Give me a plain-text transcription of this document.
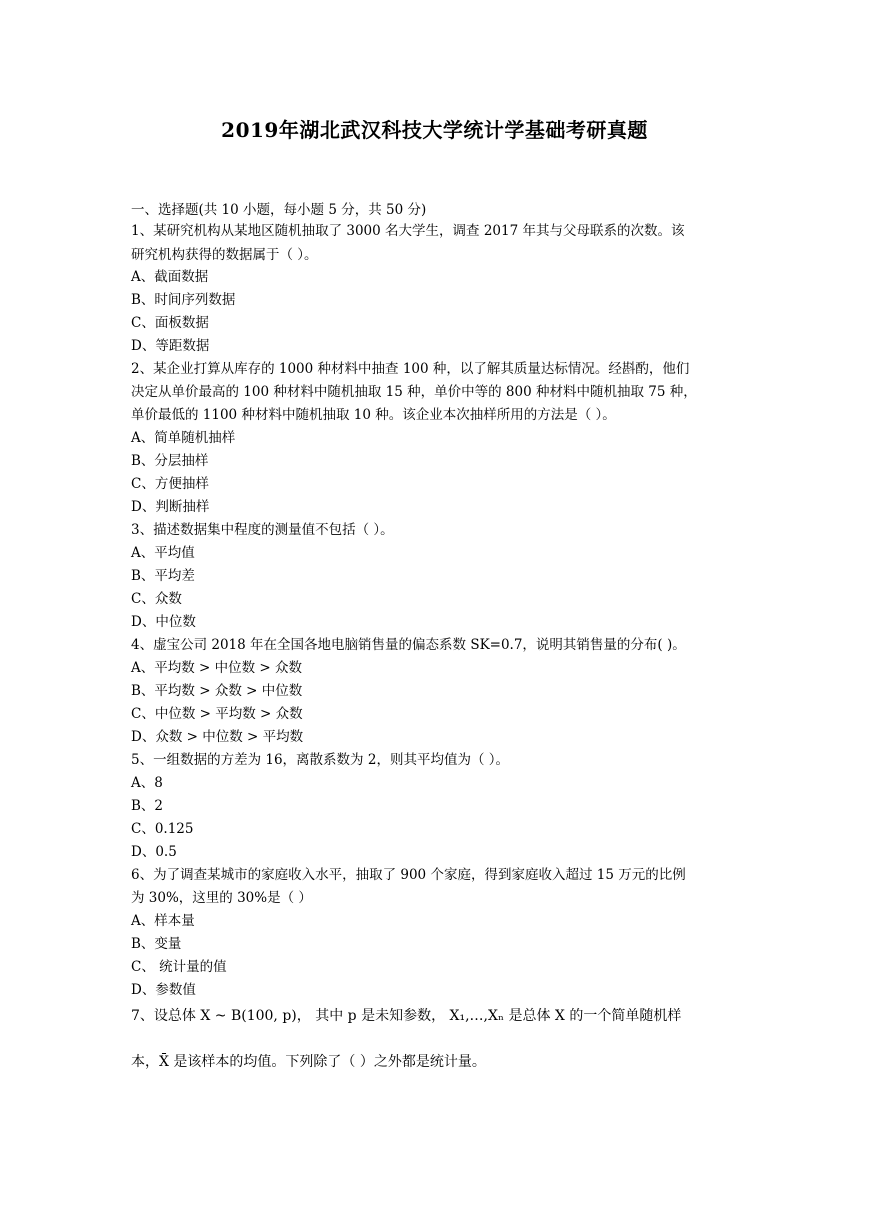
2019年湖北武汉科技大学统计学基础考研真题
一、选择题(共 10 小题，每小题 5 分，共 50 分)
1、某研究机构从某地区随机抽取了 3000 名大学生，调查 2017 年其与父母联系的次数。该
研究机构获得的数据属于（ ）。
A、截面数据
B、时间序列数据
C、面板数据
D、等距数据
2、某企业打算从库存的 1000 种材料中抽查 100 种，以了解其质量达标情况。经斟酌，他们
决定从单价最高的 100 种材料中随机抽取 15 种，单价中等的 800 种材料中随机抽取 75 种，
单价最低的 1100 种材料中随机抽取 10 种。该企业本次抽样所用的方法是（ ）。
A、简单随机抽样
B、分层抽样
C、方便抽样
D、判断抽样
3、描述数据集中程度的测量值不包括（ ）。
A、平均值
B、平均差
C、众数
D、中位数
4、虚宝公司 2018 年在全国各地电脑销售量的偏态系数 SK=0.7，说明其销售量的分布( )。
A、平均数 > 中位数 > 众数
B、平均数 > 众数 > 中位数
C、中位数 > 平均数 > 众数
D、众数 > 中位数 > 平均数
5、一组数据的方差为 16，离散系数为 2，则其平均值为（ ）。
A、8
B、2
C、0.125
D、0.5
6、为了调查某城市的家庭收入水平，抽取了 900 个家庭，得到家庭收入超过 15 万元的比例
为 30%，这里的 30%是（ ）
A、样本量
B、变量
C、 统计量的值
D、参数值
7、设总体 X ~ B(100, p)， 其中 p 是未知参数， X₁,…,Xₙ 是总体 X 的一个简单随机样
本，X̄ 是该样本的均值。下列除了（ ）之外都是统计量。
